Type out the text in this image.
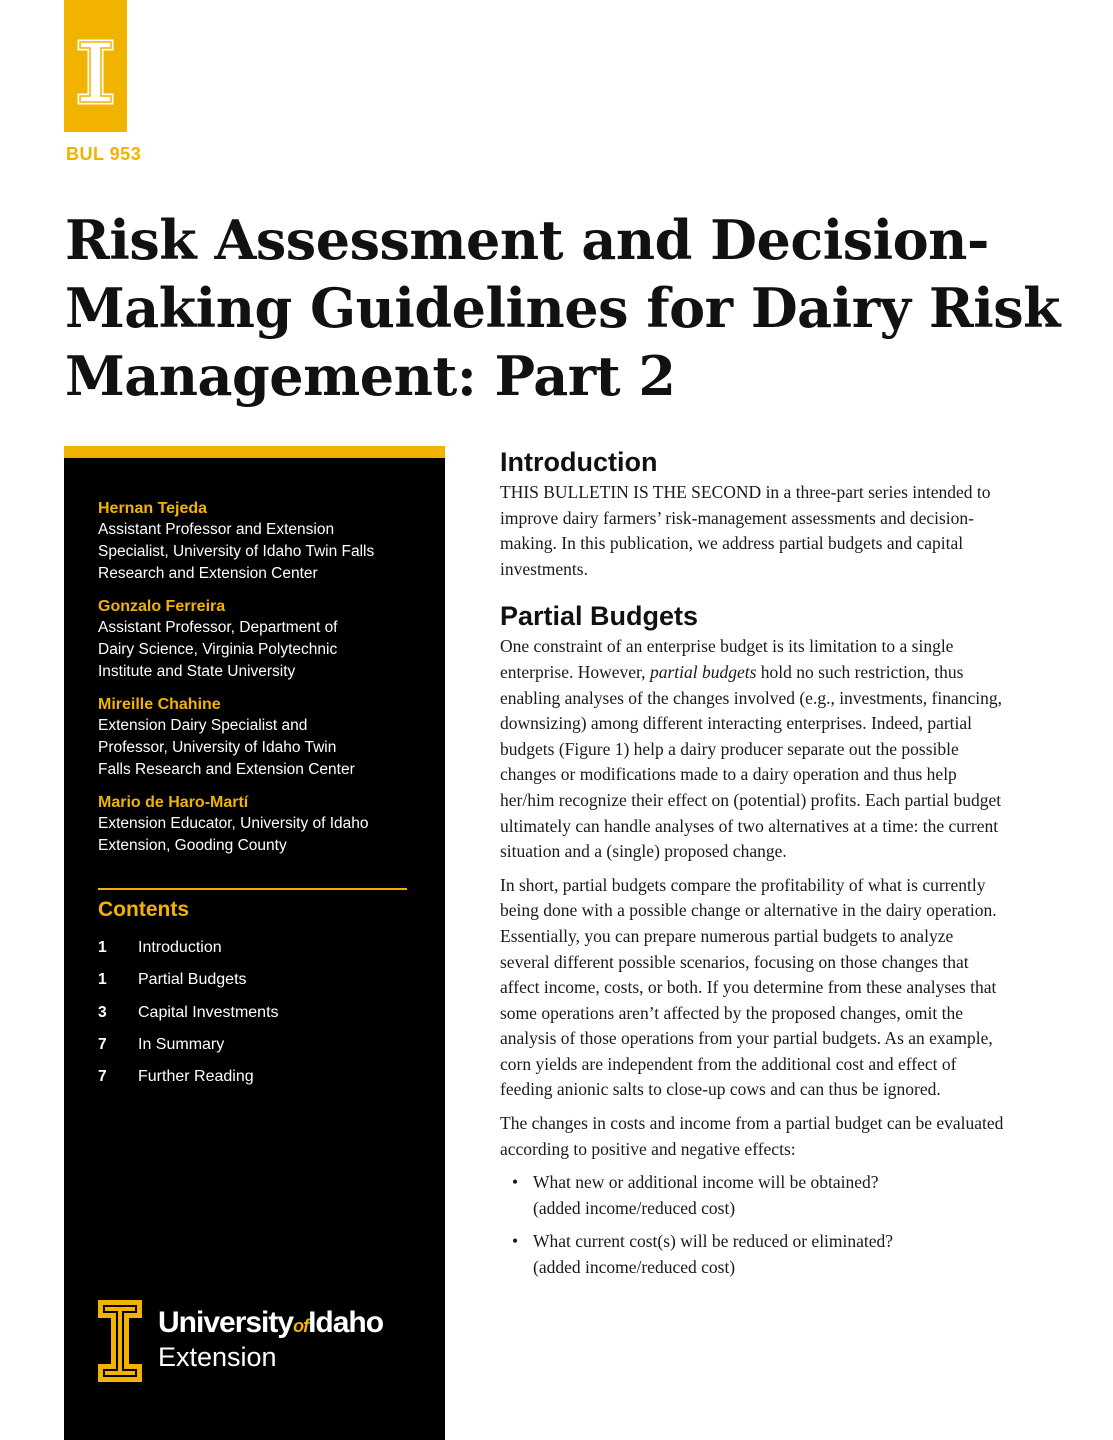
BUL 953
Risk Assessment and Decision-
Making Guidelines for Dairy Risk
Management: Part 2
Hernan Tejeda
Assistant Professor and Extension
Specialist, University of Idaho Twin Falls
Research and Extension Center
Gonzalo Ferreira
Assistant Professor, Department of
Dairy Science, Virginia Polytechnic
Institute and State University
Mireille Chahine
Extension Dairy Specialist and
Professor, University of Idaho Twin
Falls Research and Extension Center
Mario de Haro-Martí
Extension Educator, University of Idaho
Extension, Gooding County
Contents
1	Introduction
1	Partial Budgets
3	Capital Investments
7	In Summary
7	Further Reading
UniversityofIdaho
Extension
Introduction

THIS BULLETIN IS THE SECOND in a three-part series intended to improve dairy farmers’ risk-management assessments and decision-making. In this publication, we address partial budgets and capital investments.

Partial Budgets

One constraint of an enterprise budget is its limitation to a single enterprise. However, partial budgets hold no such restriction, thus enabling analyses of the changes involved (e.g., investments, financing, downsizing) among different interacting enterprises. Indeed, partial budgets (Figure 1) help a dairy producer separate out the possible changes or modifications made to a dairy operation and thus help her/him recognize their effect on (potential) profits. Each partial budget ultimately can handle analyses of two alternatives at a time: the current situation and a (single) proposed change.

In short, partial budgets compare the profitability of what is currently being done with a possible change or alternative in the dairy operation. Essentially, you can prepare numerous partial budgets to analyze several different possible scenarios, focusing on those changes that affect income, costs, or both. If you determine from these analyses that some operations aren’t affected by the proposed changes, omit the analysis of those operations from your partial budgets. As an example, corn yields are independent from the additional cost and effect of feeding anionic salts to close-up cows and can thus be ignored.

The changes in costs and income from a partial budget can be evaluated according to positive and negative effects:

• What new or additional income will be obtained?
(added income/reduced cost)
• What current cost(s) will be reduced or eliminated?
(added income/reduced cost)
